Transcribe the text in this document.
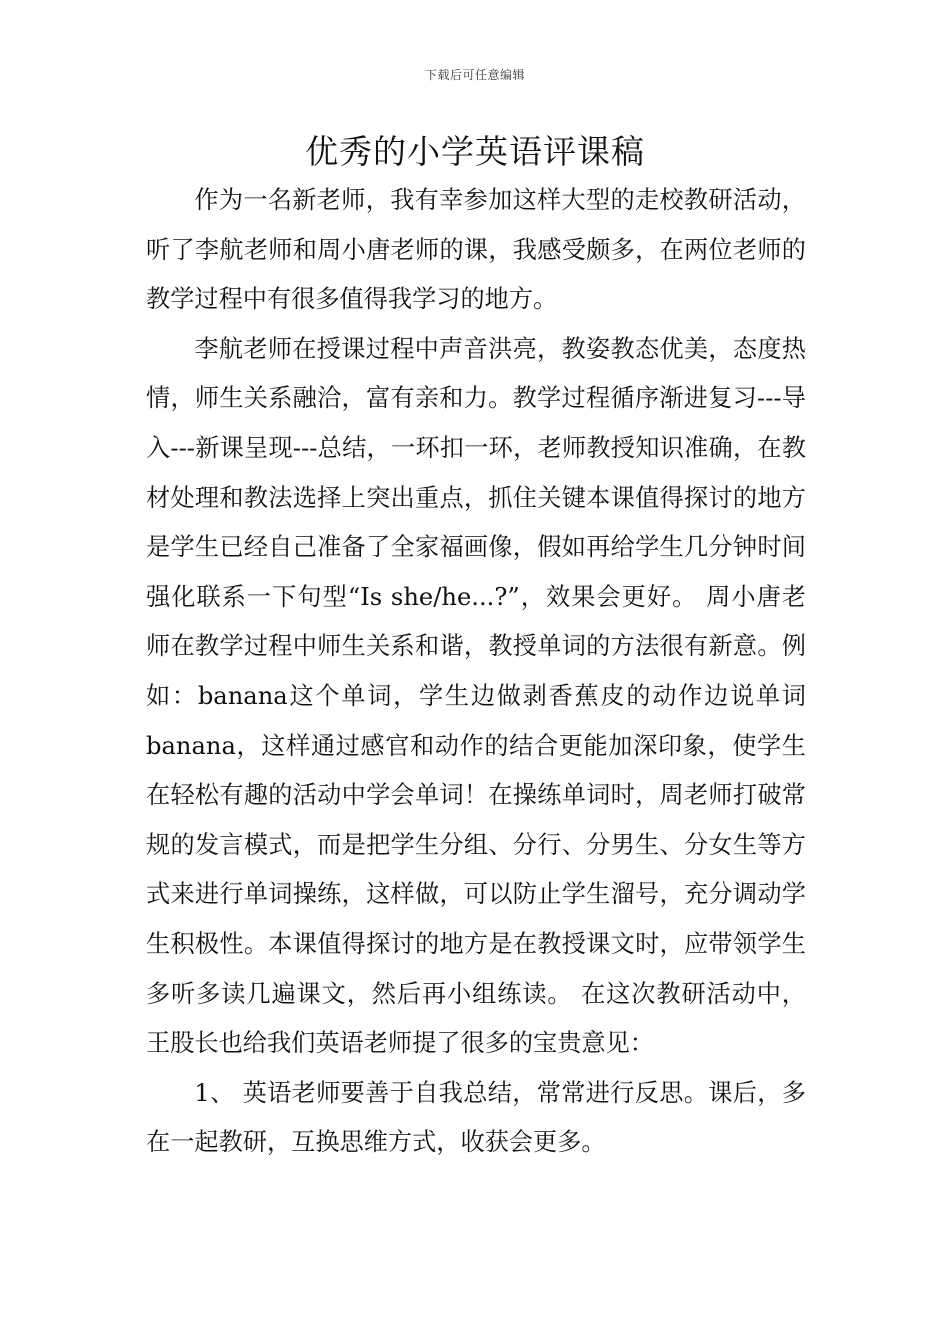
下载后可任意编辑
优秀的小学英语评课稿

作为一名新老师，我有幸参加这样大型的走校教研活动，听了李航老师和周小唐老师的课，我感受颇多，在两位老师的教学过程中有很多值得我学习的地方。

李航老师在授课过程中声音洪亮，教姿教态优美，态度热情，师生关系融洽，富有亲和力。教学过程循序渐进复习---导入---新课呈现---总结，一环扣一环，老师教授知识准确，在教材处理和教法选择上突出重点，抓住关键本课值得探讨的地方是学生已经自己准备了全家福画像，假如再给学生几分钟时间强化联系一下句型“Is she/he...?”，效果会更好。 周小唐老师在教学过程中师生关系和谐，教授单词的方法很有新意。例如：banana这个单词，学生边做剥香蕉皮的动作边说单词banana，这样通过感官和动作的结合更能加深印象，使学生在轻松有趣的活动中学会单词！在操练单词时，周老师打破常规的发言模式，而是把学生分组、分行、分男生、分女生等方式来进行单词操练，这样做，可以防止学生溜号，充分调动学生积极性。本课值得探讨的地方是在教授课文时，应带领学生多听多读几遍课文，然后再小组练读。 在这次教研活动中，王股长也给我们英语老师提了很多的宝贵意见：

1、 英语老师要善于自我总结，常常进行反思。课后，多在一起教研，互换思维方式，收获会更多。
